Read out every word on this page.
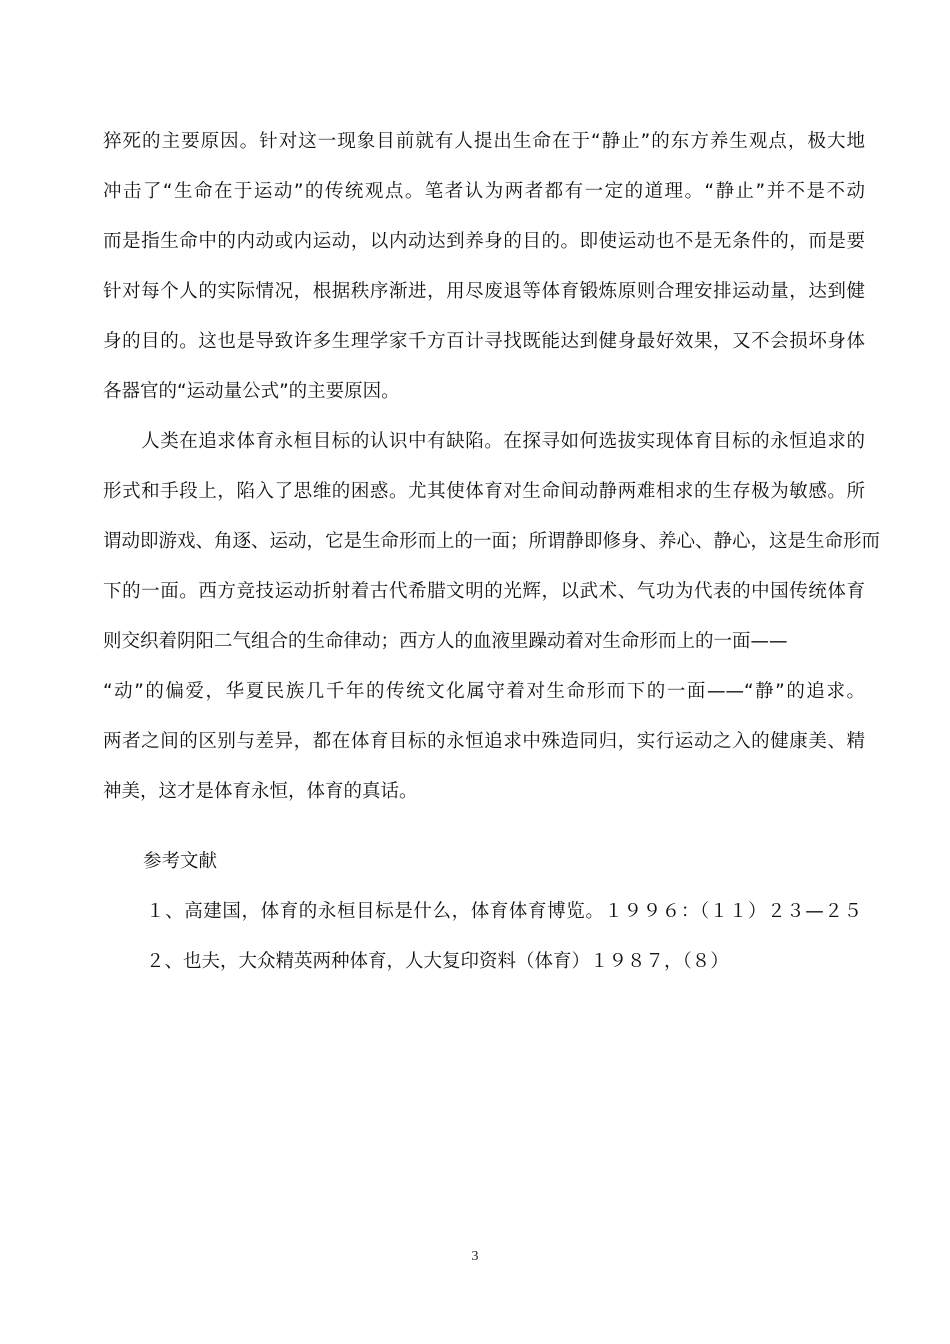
猝死的主要原因。针对这一现象目前就有人提出生命在于“静止”的东方养生观点，极大地
冲击了“生命在于运动”的传统观点。笔者认为两者都有一定的道理。“静止”并不是不动
而是指生命中的内动或内运动，以内动达到养身的目的。即使运动也不是无条件的，而是要
针对每个人的实际情况，根据秩序渐进，用尽废退等体育锻炼原则合理安排运动量，达到健
身的目的。这也是导致许多生理学家千方百计寻找既能达到健身最好效果，又不会损坏身体
各器官的“运动量公式”的主要原因。
　　人类在追求体育永桓目标的认识中有缺陷。在探寻如何选拔实现体育目标的永恒追求的
形式和手段上，陷入了思维的困惑。尤其使体育对生命间动静两难相求的生存极为敏感。所
谓动即游戏、角逐、运动，它是生命形而上的一面；所谓静即修身、养心、静心，这是生命形而
下的一面。西方竞技运动折射着古代希腊文明的光辉，以武术、气功为代表的中国传统体育
则交织着阴阳二气组合的生命律动；西方人的血液里躁动着对生命形而上的一面——
“动”的偏爱，华夏民族几千年的传统文化属守着对生命形而下的一面——“静”的追求。
两者之间的区别与差异，都在体育目标的永恒追求中殊造同归，实行运动之入的健康美、精
神美，这才是体育永恒，体育的真话。
参考文献
１、高建国，体育的永桓目标是什么，体育体育博览。１９９６：（１１）２３—２５
２、也夫，大众精英两种体育，人大复印资料（体育）１９８７，（８）
3
